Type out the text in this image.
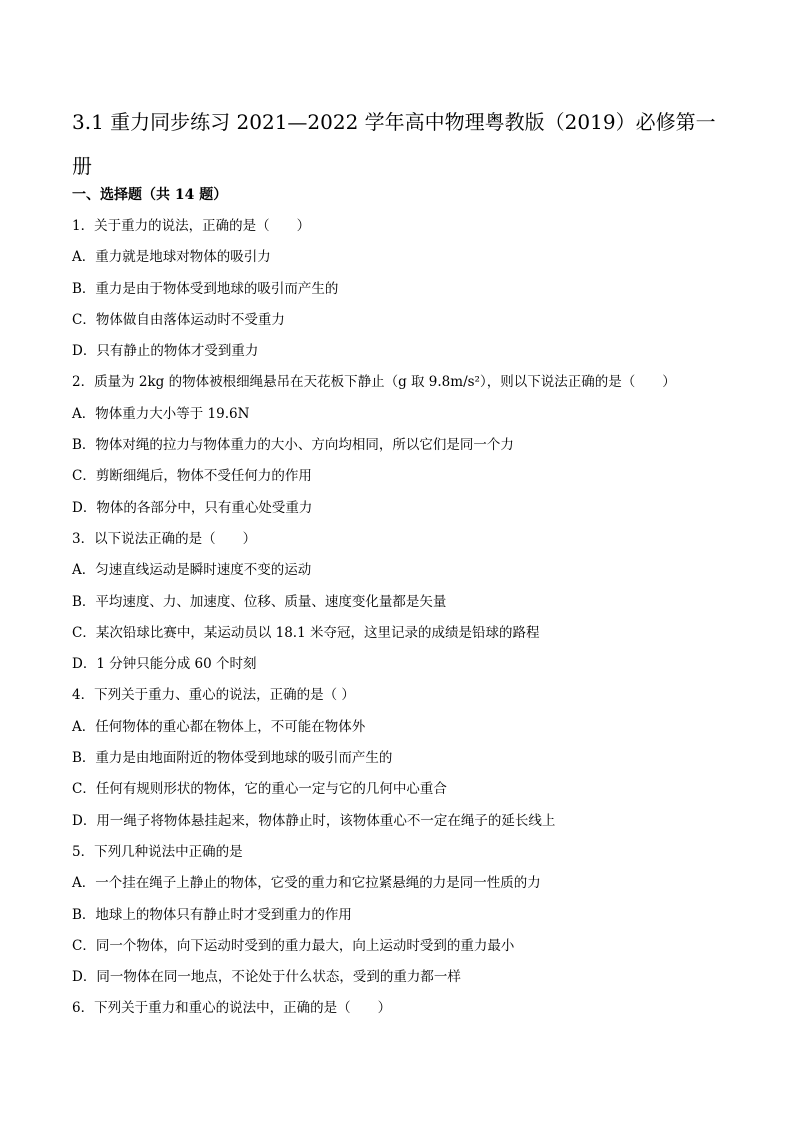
3.1 重力同步练习 2021—2022 学年高中物理粤教版（2019）必修第一册
一、选择题（共 14 题）

1．关于重力的说法，正确的是（　　）

A．重力就是地球对物体的吸引力

B．重力是由于物体受到地球的吸引而产生的

C．物体做自由落体运动时不受重力

D．只有静止的物体才受到重力

2．质量为 2kg 的物体被根细绳悬吊在天花板下静止（g 取 9.8m/s²），则以下说法正确的是（　　）

A．物体重力大小等于 19.6N

B．物体对绳的拉力与物体重力的大小、方向均相同，所以它们是同一个力

C．剪断细绳后，物体不受任何力的作用

D．物体的各部分中，只有重心处受重力

3．以下说法正确的是（　　）

A．匀速直线运动是瞬时速度不变的运动

B．平均速度、力、加速度、位移、质量、速度变化量都是矢量

C．某次铅球比赛中，某运动员以 18.1 米夺冠，这里记录的成绩是铅球的路程

D．1 分钟只能分成 60 个时刻

4．下列关于重力、重心的说法，正确的是（ ）

A．任何物体的重心都在物体上，不可能在物体外

B．重力是由地面附近的物体受到地球的吸引而产生的

C．任何有规则形状的物体，它的重心一定与它的几何中心重合

D．用一绳子将物体悬挂起来，物体静止时，该物体重心不一定在绳子的延长线上

5．下列几种说法中正确的是

A．一个挂在绳子上静止的物体，它受的重力和它拉紧悬绳的力是同一性质的力

B．地球上的物体只有静止时才受到重力的作用

C．同一个物体，向下运动时受到的重力最大，向上运动时受到的重力最小

D．同一物体在同一地点，不论处于什么状态，受到的重力都一样

6．下列关于重力和重心的说法中，正确的是（　　）
